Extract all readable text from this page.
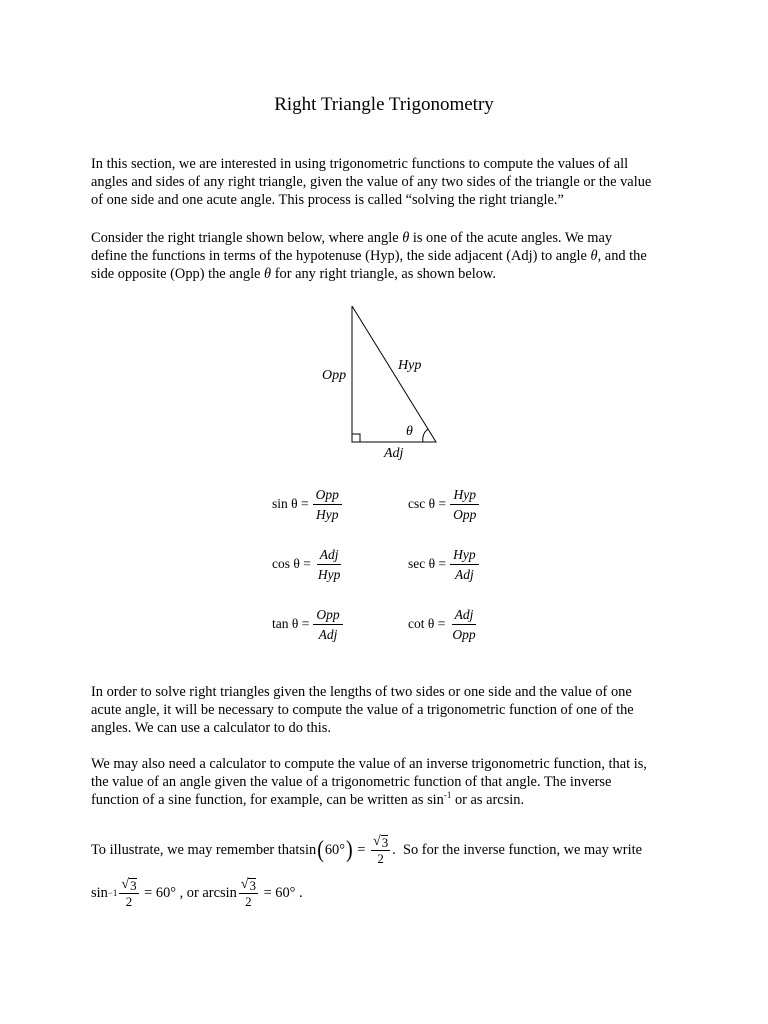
Right Triangle Trigonometry
In this section, we are interested in using trigonometric functions to compute the values of all
angles and sides of any right triangle, given the value of any two sides of the triangle or the value
of one side and one acute angle. This process is called “solving the right triangle.”
Consider the right triangle shown below, where angle θ is one of the acute angles. We may
define the functions in terms of the hypotenuse (Hyp), the side adjacent (Adj) to angle θ, and the
side opposite (Opp) the angle θ for any right triangle, as shown below.
Opp
Hyp
θ
Adj
$\sin \theta = \frac{\text{Opp}}{\text{Hyp}}$	$\csc \theta = \frac{\text{Hyp}}{\text{Opp}}$
$\cos \theta = \frac{\text{Adj}}{\text{Hyp}}$	$\sec \theta = \frac{\text{Hyp}}{\text{Adj}}$
$\tan \theta = \frac{\text{Opp}}{\text{Adj}}$	$\cot \theta = \frac{\text{Adj}}{\text{Opp}}$
In order to solve right triangles given the lengths of two sides or one side and the value of one
acute angle, it will be necessary to compute the value of a trigonometric function of one of the
angles. We can use a calculator to do this.
We may also need a calculator to compute the value of an inverse trigonometric function, that is,
the value of an angle given the value of a trigonometric function of that angle. The inverse
function of a sine function, for example, can be written as $\sin^{-1}$ or as arcsin.
To illustrate, we may remember that sin ( 60° ) = $\frac{√ 3}{2}$ .  So for the inverse function, we may write
$\sin -1 \frac{√ 3}{2} = 60^\circ$ , or $\arcsin \frac{√ 3}{2} = 60^\circ$ .
